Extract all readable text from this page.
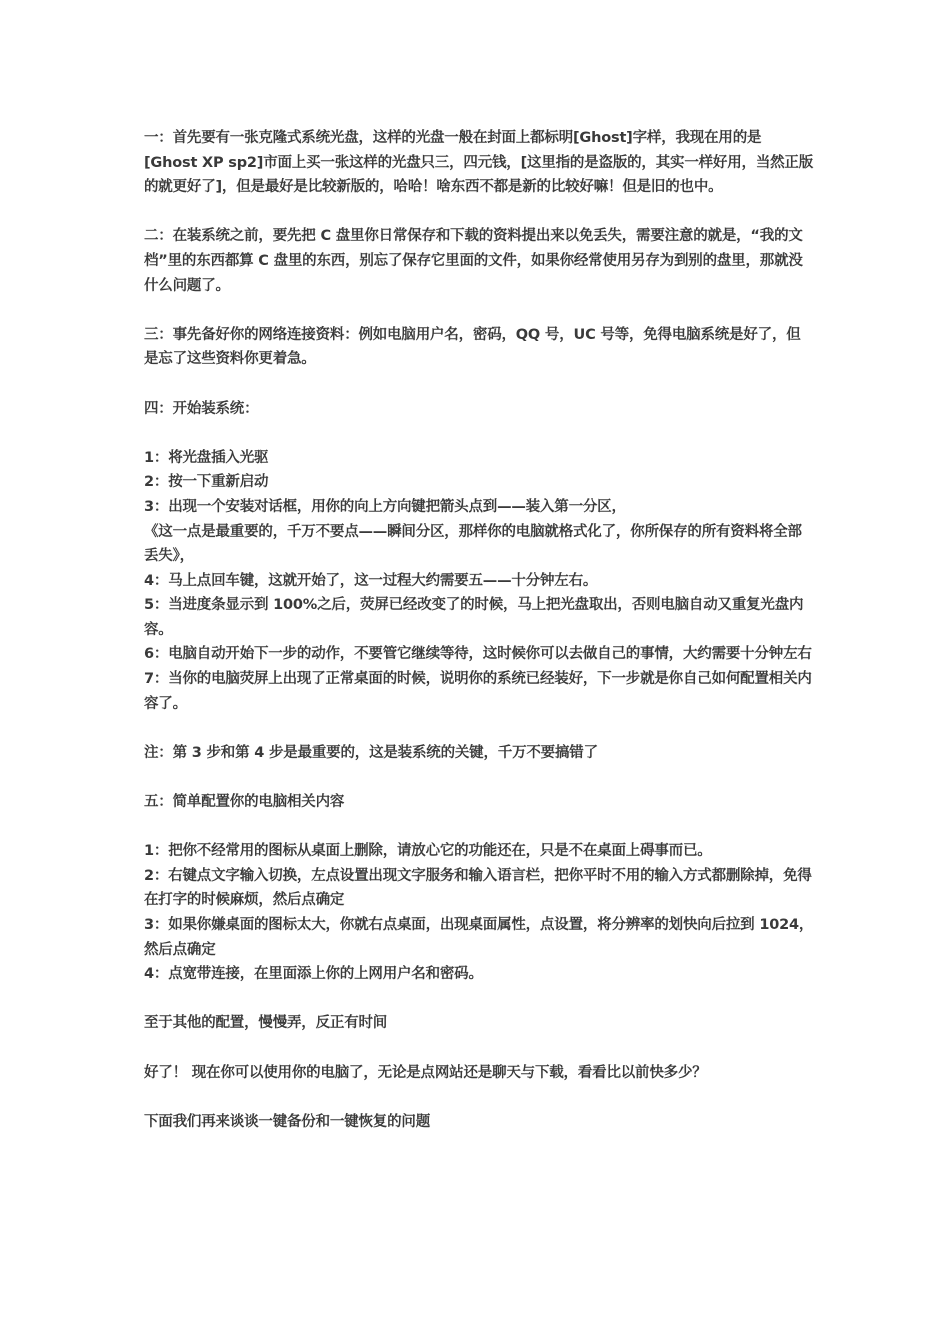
一：首先要有一张克隆式系统光盘，这样的光盘一般在封面上都标明[Ghost]字样，我现在用的是[Ghost XP sp2]市面上买一张这样的光盘只三，四元钱，[这里指的是盗版的，其实一样好用，当然正版的就更好了]，但是最好是比较新版的，哈哈！啥东西不都是新的比较好嘛！但是旧的也中。

二：在装系统之前，要先把 C 盘里你日常保存和下载的资料提出来以免丢失，需要注意的就是，“我的文档”里的东西都算 C 盘里的东西，别忘了保存它里面的文件，如果你经常使用另存为到别的盘里，那就没什么问题了。

三：事先备好你的网络连接资料：例如电脑用户名，密码，QQ 号，UC 号等，免得电脑系统是好了，但是忘了这些资料你更着急。

四：开始装系统：

1：将光盘插入光驱

2：按一下重新启动

3：出现一个安装对话框，用你的向上方向键把箭头点到——装入第一分区，

《这一点是最重要的，千万不要点——瞬间分区，那样你的电脑就格式化了，你所保存的所有资料将全部丢失》，

4：马上点回车键，这就开始了，这一过程大约需要五——十分钟左右。

5：当进度条显示到 100%之后，荧屏已经改变了的时候，马上把光盘取出，否则电脑自动又重复光盘内容。

6：电脑自动开始下一步的动作，不要管它继续等待，这时候你可以去做自己的事情，大约需要十分钟左右

7：当你的电脑荧屏上出现了正常桌面的时候，说明你的系统已经装好，下一步就是你自己如何配置相关内容了。

注：第 3 步和第 4 步是最重要的，这是装系统的关键，千万不要搞错了

五：简单配置你的电脑相关内容

1：把你不经常用的图标从桌面上删除，请放心它的功能还在，只是不在桌面上碍事而已。

2：右键点文字输入切换，左点设置出现文字服务和输入语言栏，把你平时不用的输入方式都删除掉，免得在打字的时候麻烦，然后点确定

3：如果你嫌桌面的图标太大，你就右点桌面，出现桌面属性，点设置，将分辨率的划快向后拉到 1024，然后点确定

4：点宽带连接，在里面添上你的上网用户名和密码。

至于其他的配置，慢慢弄，反正有时间

好了！ 现在你可以使用你的电脑了，无论是点网站还是聊天与下载，看看比以前快多少？

下面我们再来谈谈一键备份和一键恢复的问题
